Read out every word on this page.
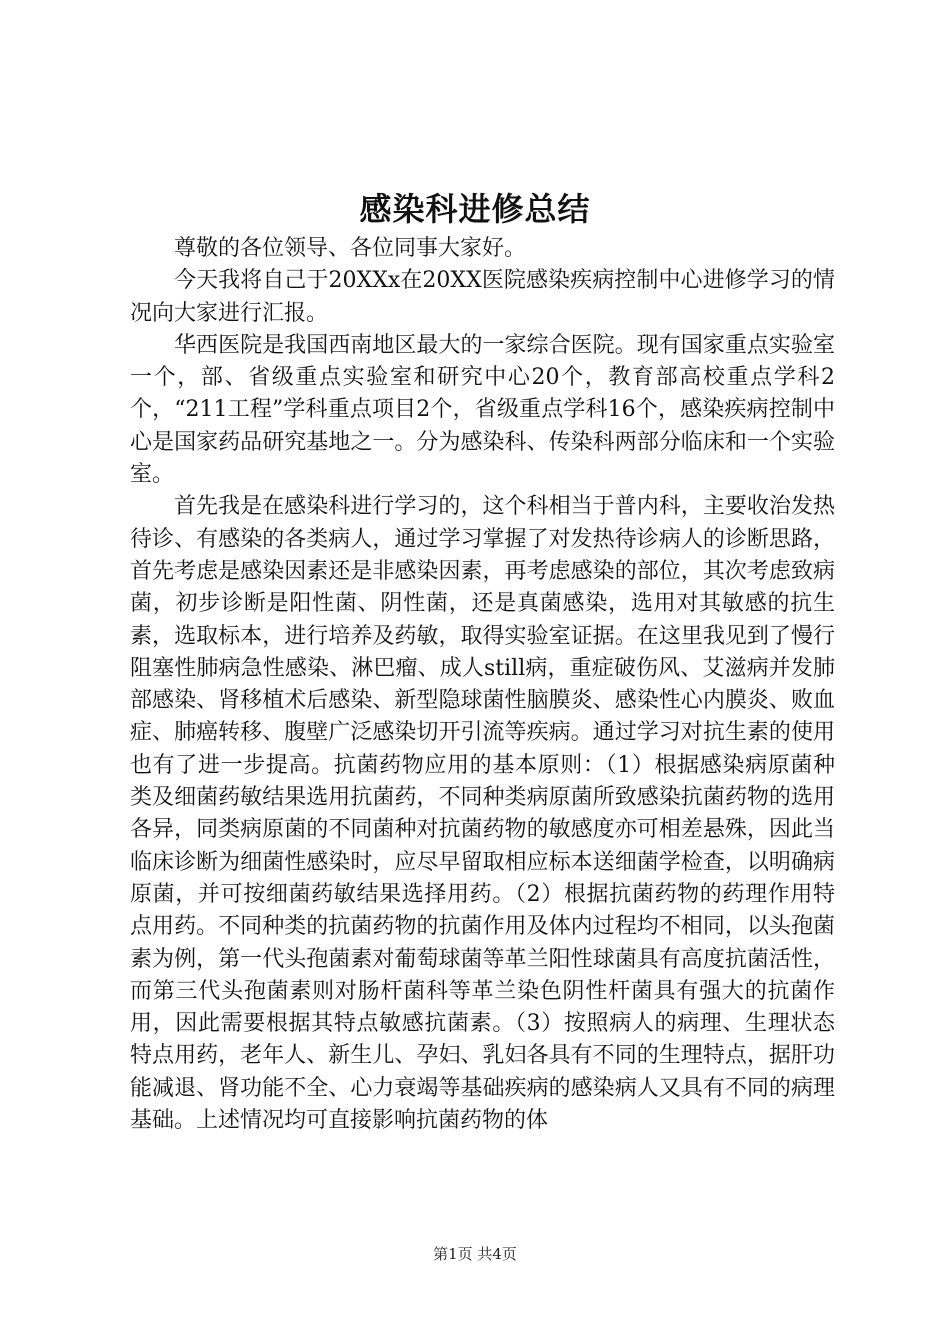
感染科进修总结

尊敬的各位领导、各位同事大家好。

今天我将自己于20XXx在20XX医院感染疾病控制中心进修学习的情况向大家进行汇报。

华西医院是我国西南地区最大的一家综合医院。现有国家重点实验室一个，部、省级重点实验室和研究中心20个，教育部高校重点学科2个，“211工程”学科重点项目2个，省级重点学科16个，感染疾病控制中心是国家药品研究基地之一。分为感染科、传染科两部分临床和一个实验室。

首先我是在感染科进行学习的，这个科相当于普内科，主要收治发热待诊、有感染的各类病人，通过学习掌握了对发热待诊病人的诊断思路，首先考虑是感染因素还是非感染因素，再考虑感染的部位，其次考虑致病菌，初步诊断是阳性菌、阴性菌，还是真菌感染，选用对其敏感的抗生素，选取标本，进行培养及药敏，取得实验室证据。在这里我见到了慢行阻塞性肺病急性感染、淋巴瘤、成人still病，重症破伤风、艾滋病并发肺部感染、肾移植术后感染、新型隐球菌性脑膜炎、感染性心内膜炎、败血症、肺癌转移、腹壁广泛感染切开引流等疾病。通过学习对抗生素的使用也有了进一步提高。抗菌药物应用的基本原则：（1）根据感染病原菌种类及细菌药敏结果选用抗菌药，不同种类病原菌所致感染抗菌药物的选用各异，同类病原菌的不同菌种对抗菌药物的敏感度亦可相差悬殊，因此当临床诊断为细菌性感染时，应尽早留取相应标本送细菌学检查，以明确病原菌，并可按细菌药敏结果选择用药。（2）根据抗菌药物的药理作用特点用药。不同种类的抗菌药物的抗菌作用及体内过程均不相同，以头孢菌素为例，第一代头孢菌素对葡萄球菌等革兰阳性球菌具有高度抗菌活性，而第三代头孢菌素则对肠杆菌科等革兰染色阴性杆菌具有强大的抗菌作用，因此需要根据其特点敏感抗菌素。（3）按照病人的病理、生理状态特点用药，老年人、新生儿、孕妇、乳妇各具有不同的生理特点，据肝功能减退、肾功能不全、心力衰竭等基础疾病的感染病人又具有不同的病理基础。上述情况均可直接影响抗菌药物的体

第1页 共4页
